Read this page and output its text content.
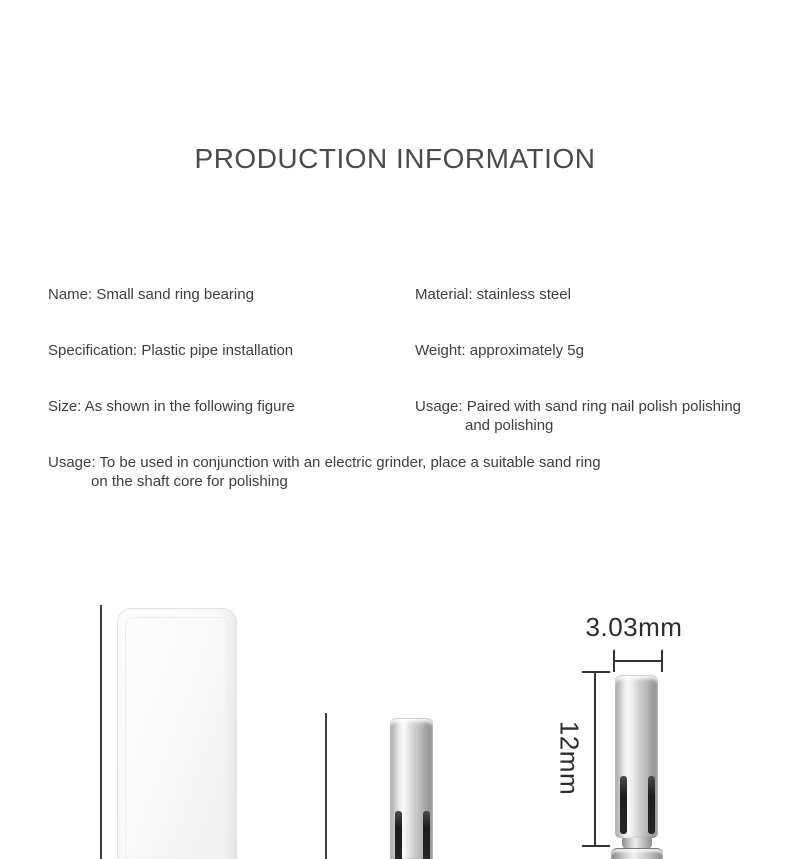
PRODUCTION INFORMATION
Name: Small sand ring bearing	Material: stainless steel
Specification: Plastic pipe installation	Weight: approximately 5g
Size: As shown in the following figure	Usage: Paired with sand ring nail polish polishing
and polishing
Usage: To be used in conjunction with an electric grinder, place a suitable sand ring
on the shaft core for polishing
3.03mm
12mm
